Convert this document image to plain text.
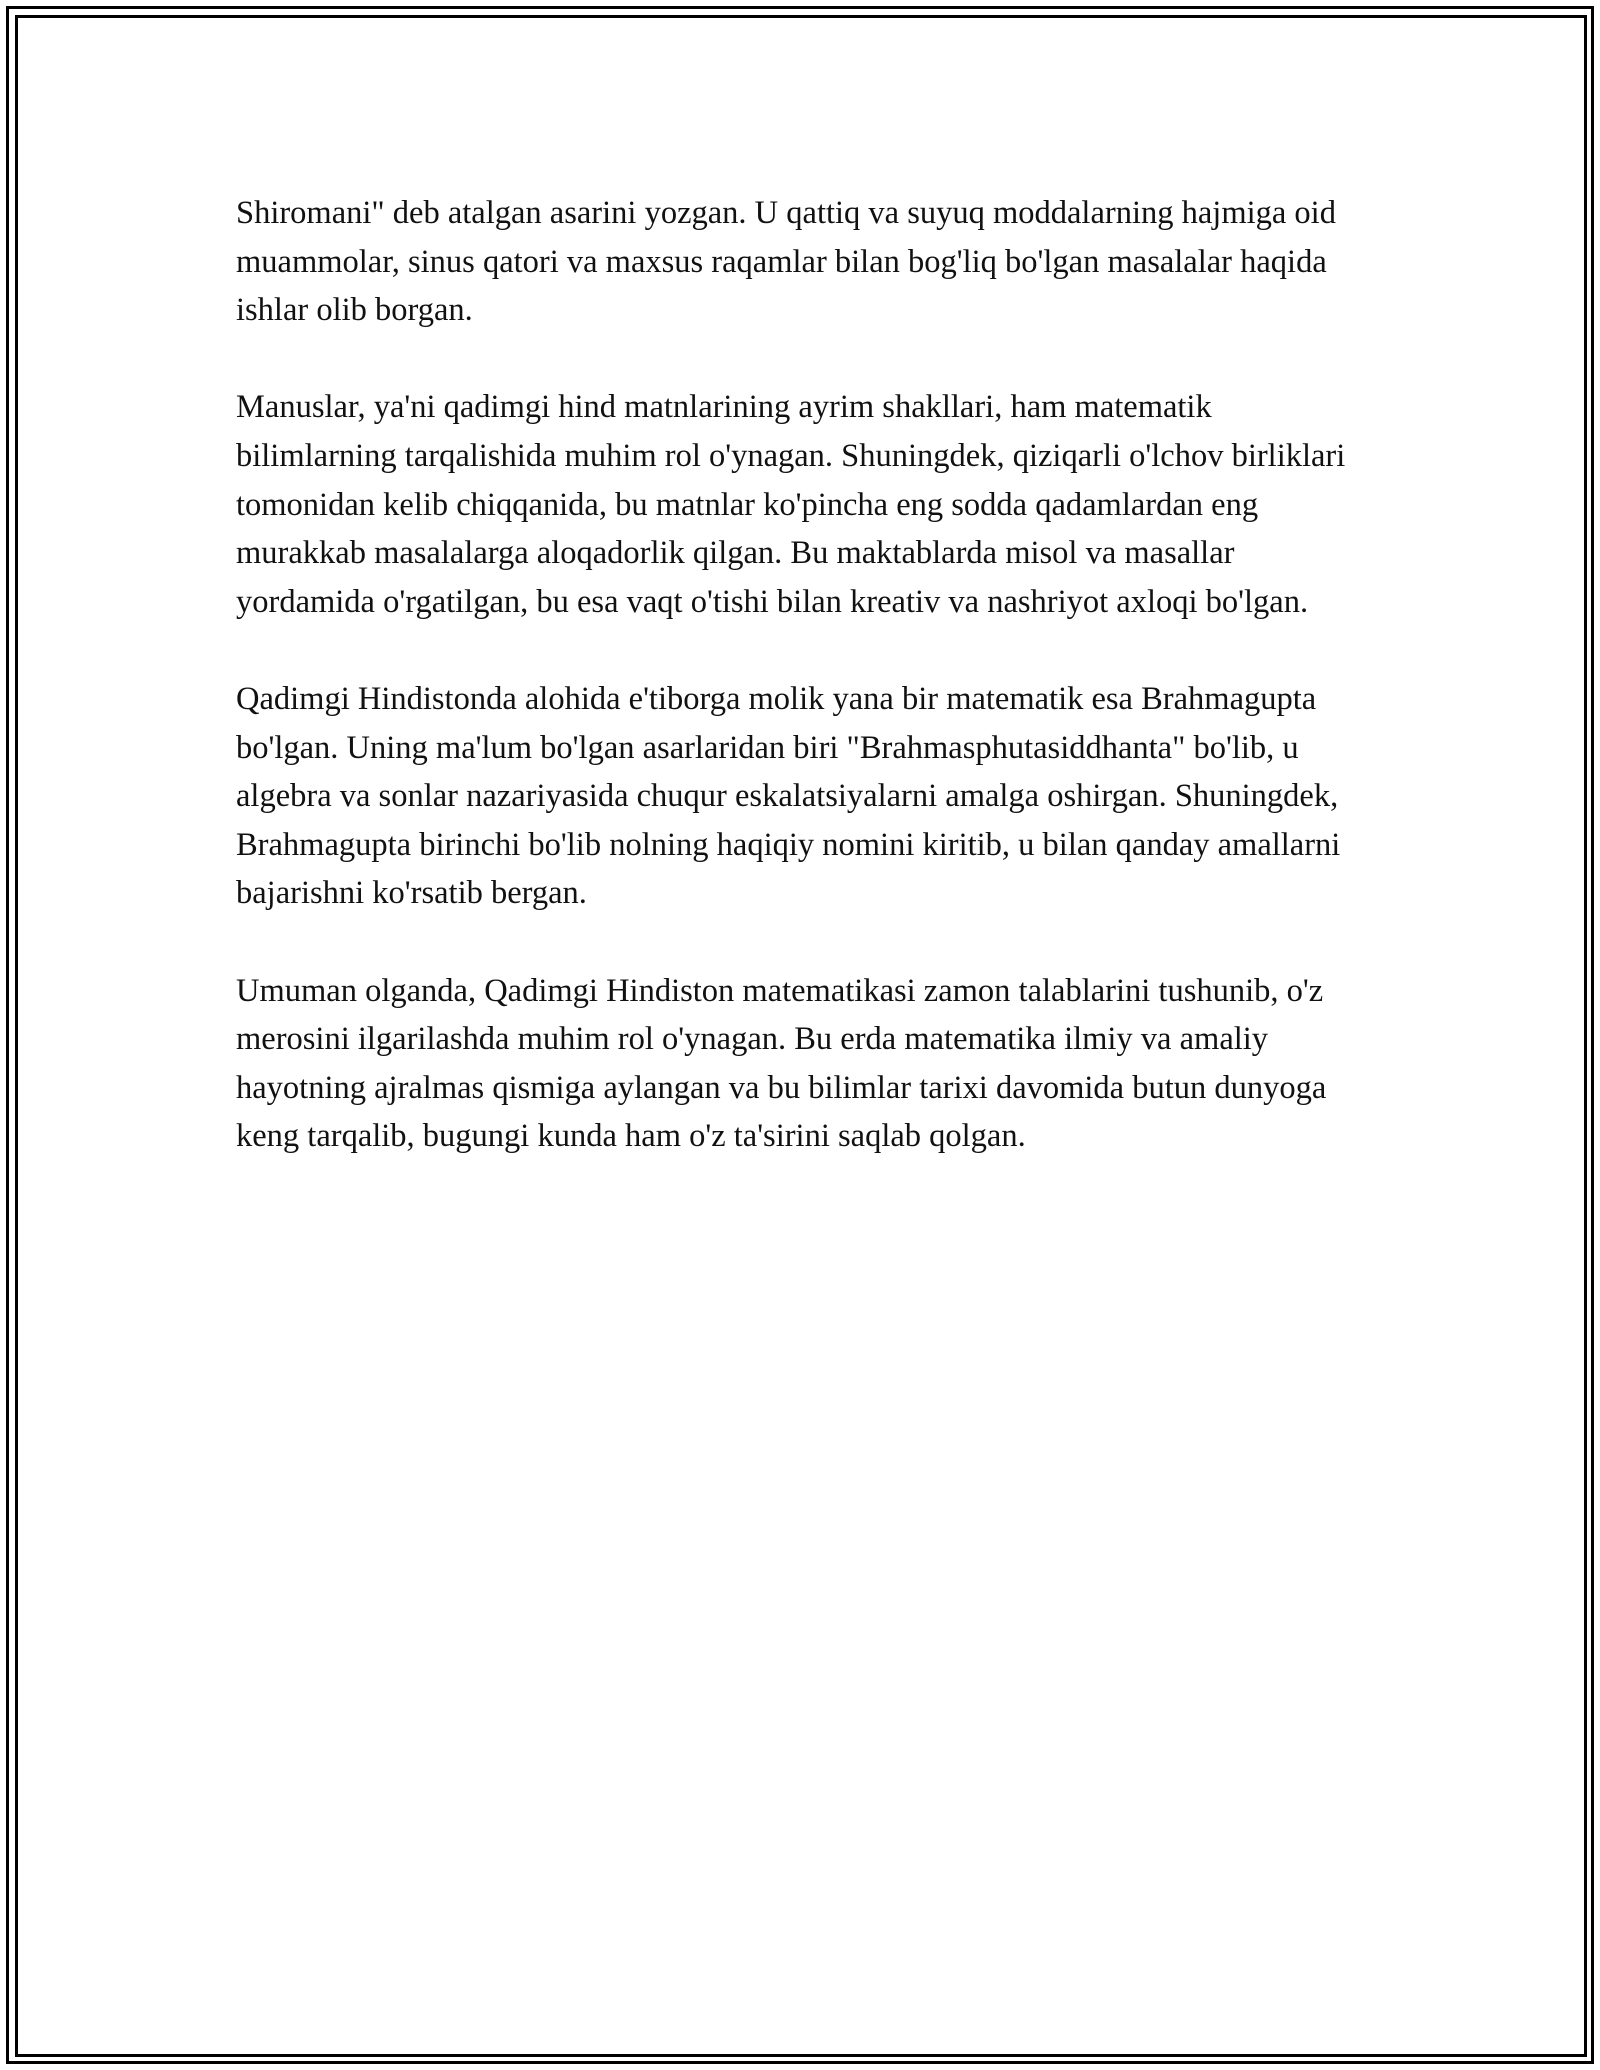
Shiromani" deb atalgan asarini yozgan. U qattiq va suyuq moddalarning hajmiga oid muammolar, sinus qatori va maxsus raqamlar bilan bog'liq bo'lgan masalalar haqida ishlar olib borgan.

Manuslar, ya'ni qadimgi hind matnlarining ayrim shakllari, ham matematik bilimlarning tarqalishida muhim rol o'ynagan. Shuningdek, qiziqarli o'lchov birliklari tomonidan kelib chiqqanida, bu matnlar ko'pincha eng sodda qadamlardan eng murakkab masalalarga aloqadorlik qilgan. Bu maktablarda misol va masallar yordamida o'rgatilgan, bu esa vaqt o'tishi bilan kreativ va nashriyot axloqi bo'lgan.

Qadimgi Hindistonda alohida e'tiborga molik yana bir matematik esa Brahmagupta bo'lgan. Uning ma'lum bo'lgan asarlaridan biri "Brahmasphutasiddhanta" bo'lib, u algebra va sonlar nazariyasida chuqur eskalatsiyalarni amalga oshirgan. Shuningdek, Brahmagupta birinchi bo'lib nolning haqiqiy nomini kiritib, u bilan qanday amallarni bajarishni ko'rsatib bergan.

Umuman olganda, Qadimgi Hindiston matematikasi zamon talablarini tushunib, o'z merosini ilgarilashda muhim rol o'ynagan. Bu erda matematika ilmiy va amaliy hayotning ajralmas qismiga aylangan va bu bilimlar tarixi davomida butun dunyoga keng tarqalib, bugungi kunda ham o'z ta'sirini saqlab qolgan.
